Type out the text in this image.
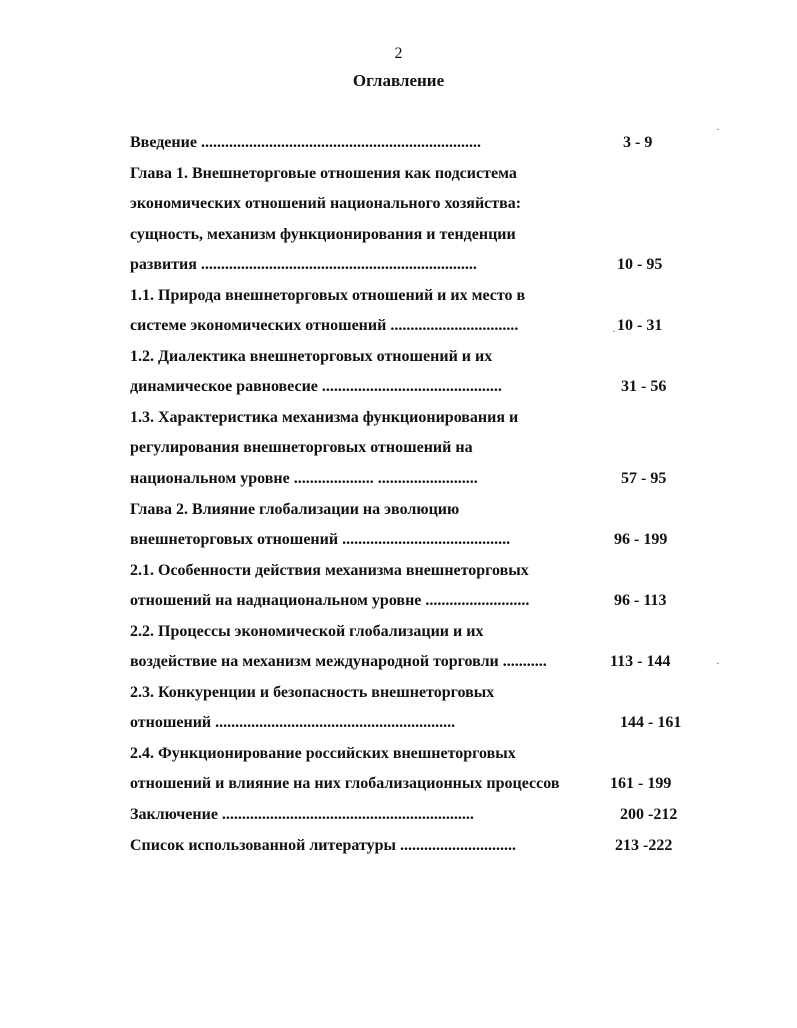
2
Оглавление
Введение ......................................................................	3 - 9
Глава 1. Внешнеторговые отношения как подсистема
экономических отношений национального хозяйства:
сущность, механизм функционирования и тенденции
развития .....................................................................	10 - 95
1.1. Природа внешнеторговых отношений и их место в
системе экономических отношений ................................	10 - 31
1.2. Диалектика внешнеторговых отношений и их
динамическое равновесие .............................................	31 - 56
1.3. Характеристика механизма функционирования и
регулирования внешнеторговых отношений на
национальном уровне .................... .........................	57 - 95
Глава 2. Влияние глобализации на эволюцию
внешнеторговых отношений ..........................................	96 - 199
2.1. Особенности действия механизма внешнеторговых
отношений на наднациональном уровне ..........................	96 - 113
2.2. Процессы экономической глобализации и их
воздействие на механизм международной торговли ...........	113 - 144
2.3. Конкуренции и безопасность внешнеторговых
отношений ............................................................	144 - 161
2.4. Функционирование российских внешнеторговых
отношений и влияние на них глобализационных процессов	161 - 199
Заключение ...............................................................	200 -212
Список использованной литературы .............................	213 -222
·
·
·
